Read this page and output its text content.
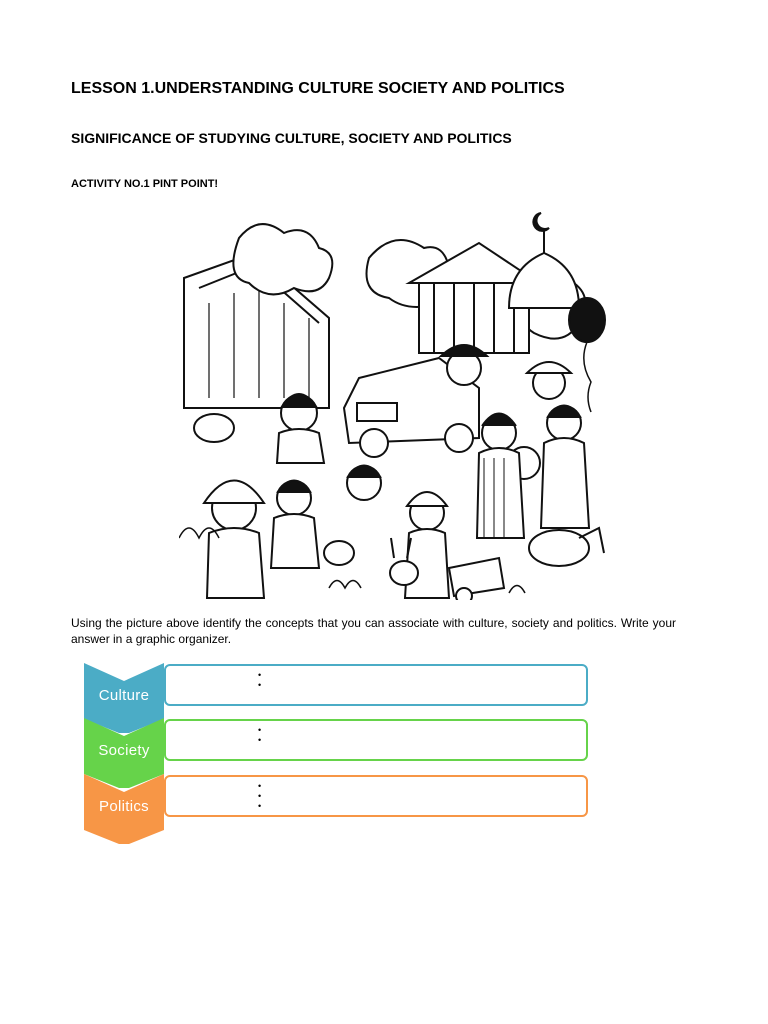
LESSON 1.UNDERSTANDING CULTURE SOCIETY AND POLITICS
SIGNIFICANCE OF STUDYING CULTURE, SOCIETY AND POLITICS
ACTIVITY NO.1 PINT POINT!
Using the picture above identify the concepts that you can associate with culture, society and politics. Write your answer in a graphic organizer.
Culture
•
•
Society
•
•
Politics
•
•
•
